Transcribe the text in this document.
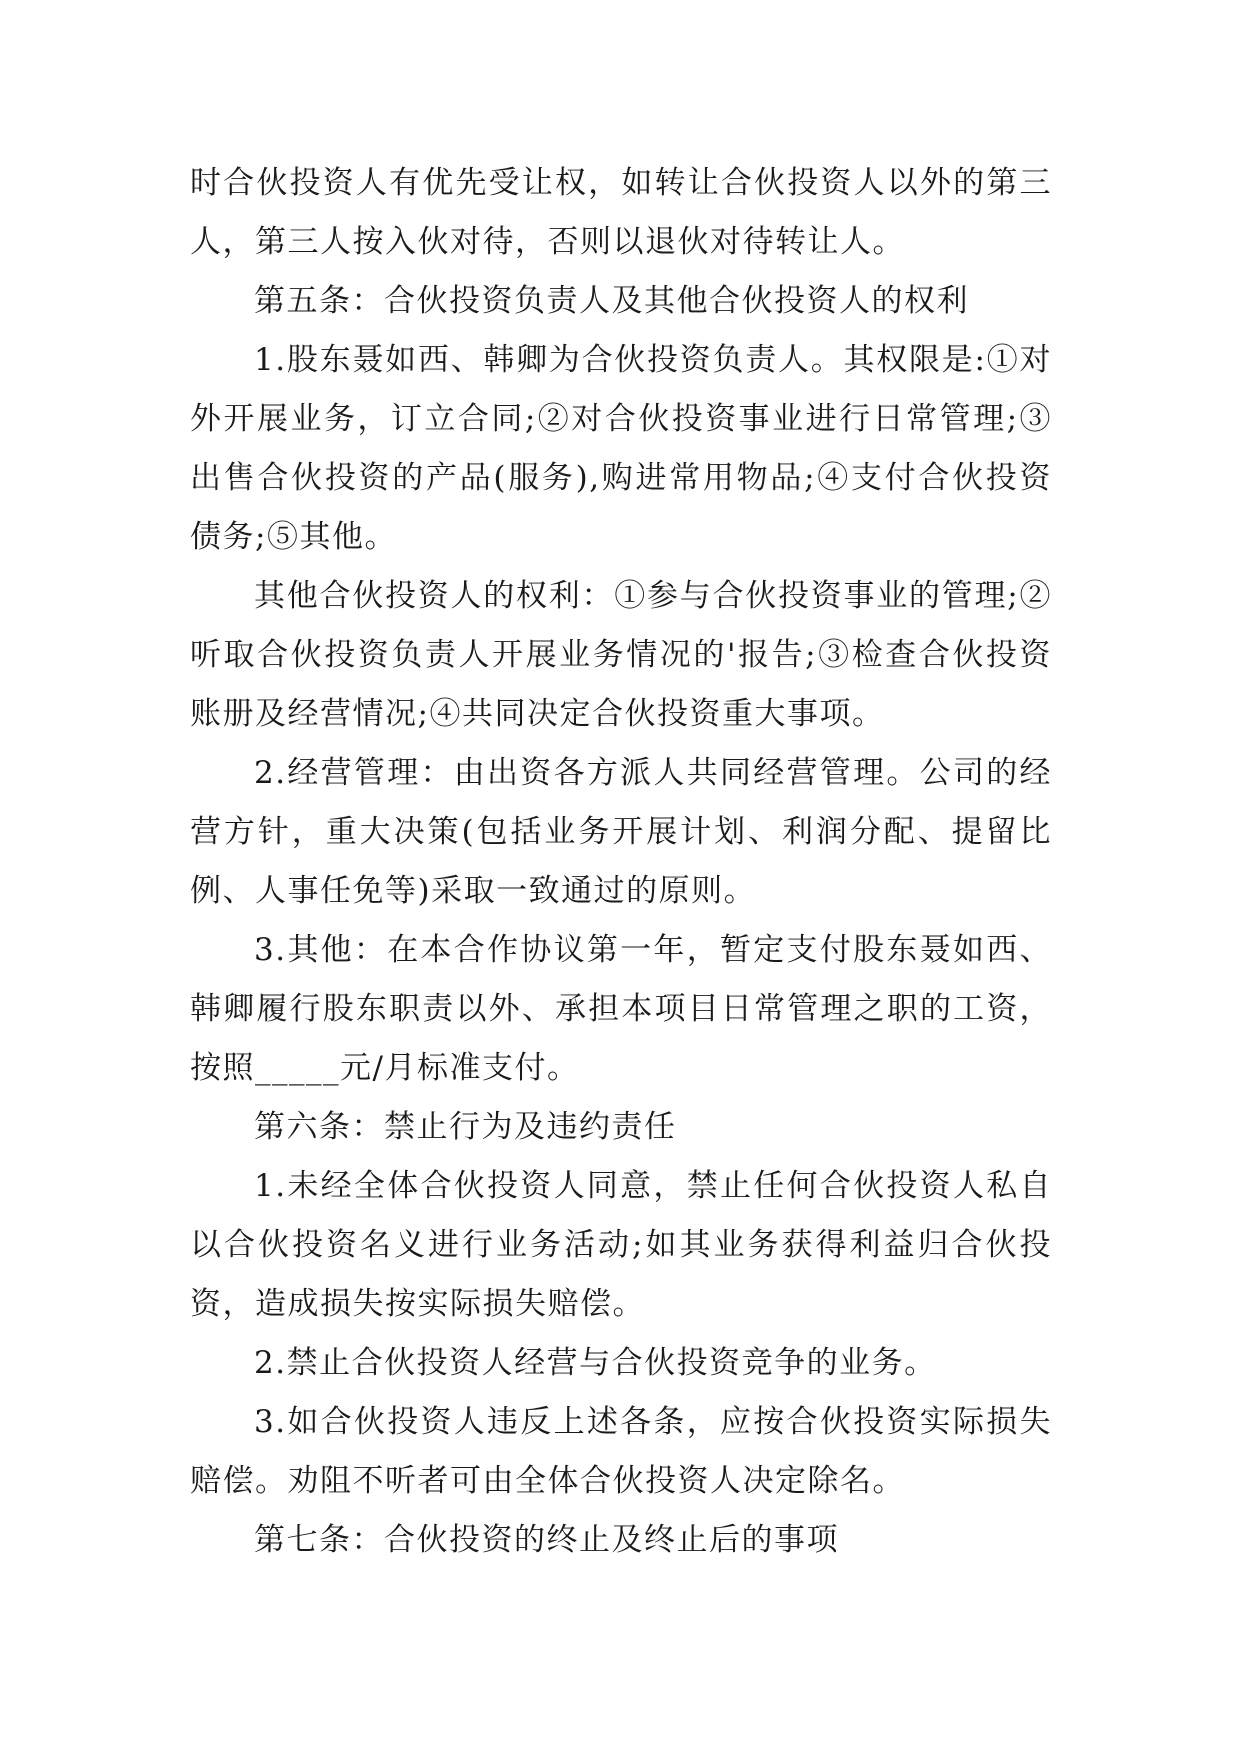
时合伙投资人有优先受让权，如转让合伙投资人以外的第三人，第三人按入伙对待，否则以退伙对待转让人。

第五条：合伙投资负责人及其他合伙投资人的权利

1.股东聂如西、韩卿为合伙投资负责人。其权限是:①对外开展业务，订立合同;②对合伙投资事业进行日常管理;③出售合伙投资的产品(服务),购进常用物品;④支付合伙投资债务;⑤其他。

其他合伙投资人的权利：①参与合伙投资事业的管理;②听取合伙投资负责人开展业务情况的'报告;③检查合伙投资账册及经营情况;④共同决定合伙投资重大事项。

2.经营管理：由出资各方派人共同经营管理。公司的经营方针，重大决策(包括业务开展计划、利润分配、提留比例、人事任免等)采取一致通过的原则。

3.其他：在本合作协议第一年，暂定支付股东聂如西、韩卿履行股东职责以外、承担本项目日常管理之职的工资，按照_____元/月标准支付。

第六条：禁止行为及违约责任

1.未经全体合伙投资人同意，禁止任何合伙投资人私自以合伙投资名义进行业务活动;如其业务获得利益归合伙投资，造成损失按实际损失赔偿。

2.禁止合伙投资人经营与合伙投资竞争的业务。

3.如合伙投资人违反上述各条，应按合伙投资实际损失赔偿。劝阻不听者可由全体合伙投资人决定除名。

第七条：合伙投资的终止及终止后的事项
